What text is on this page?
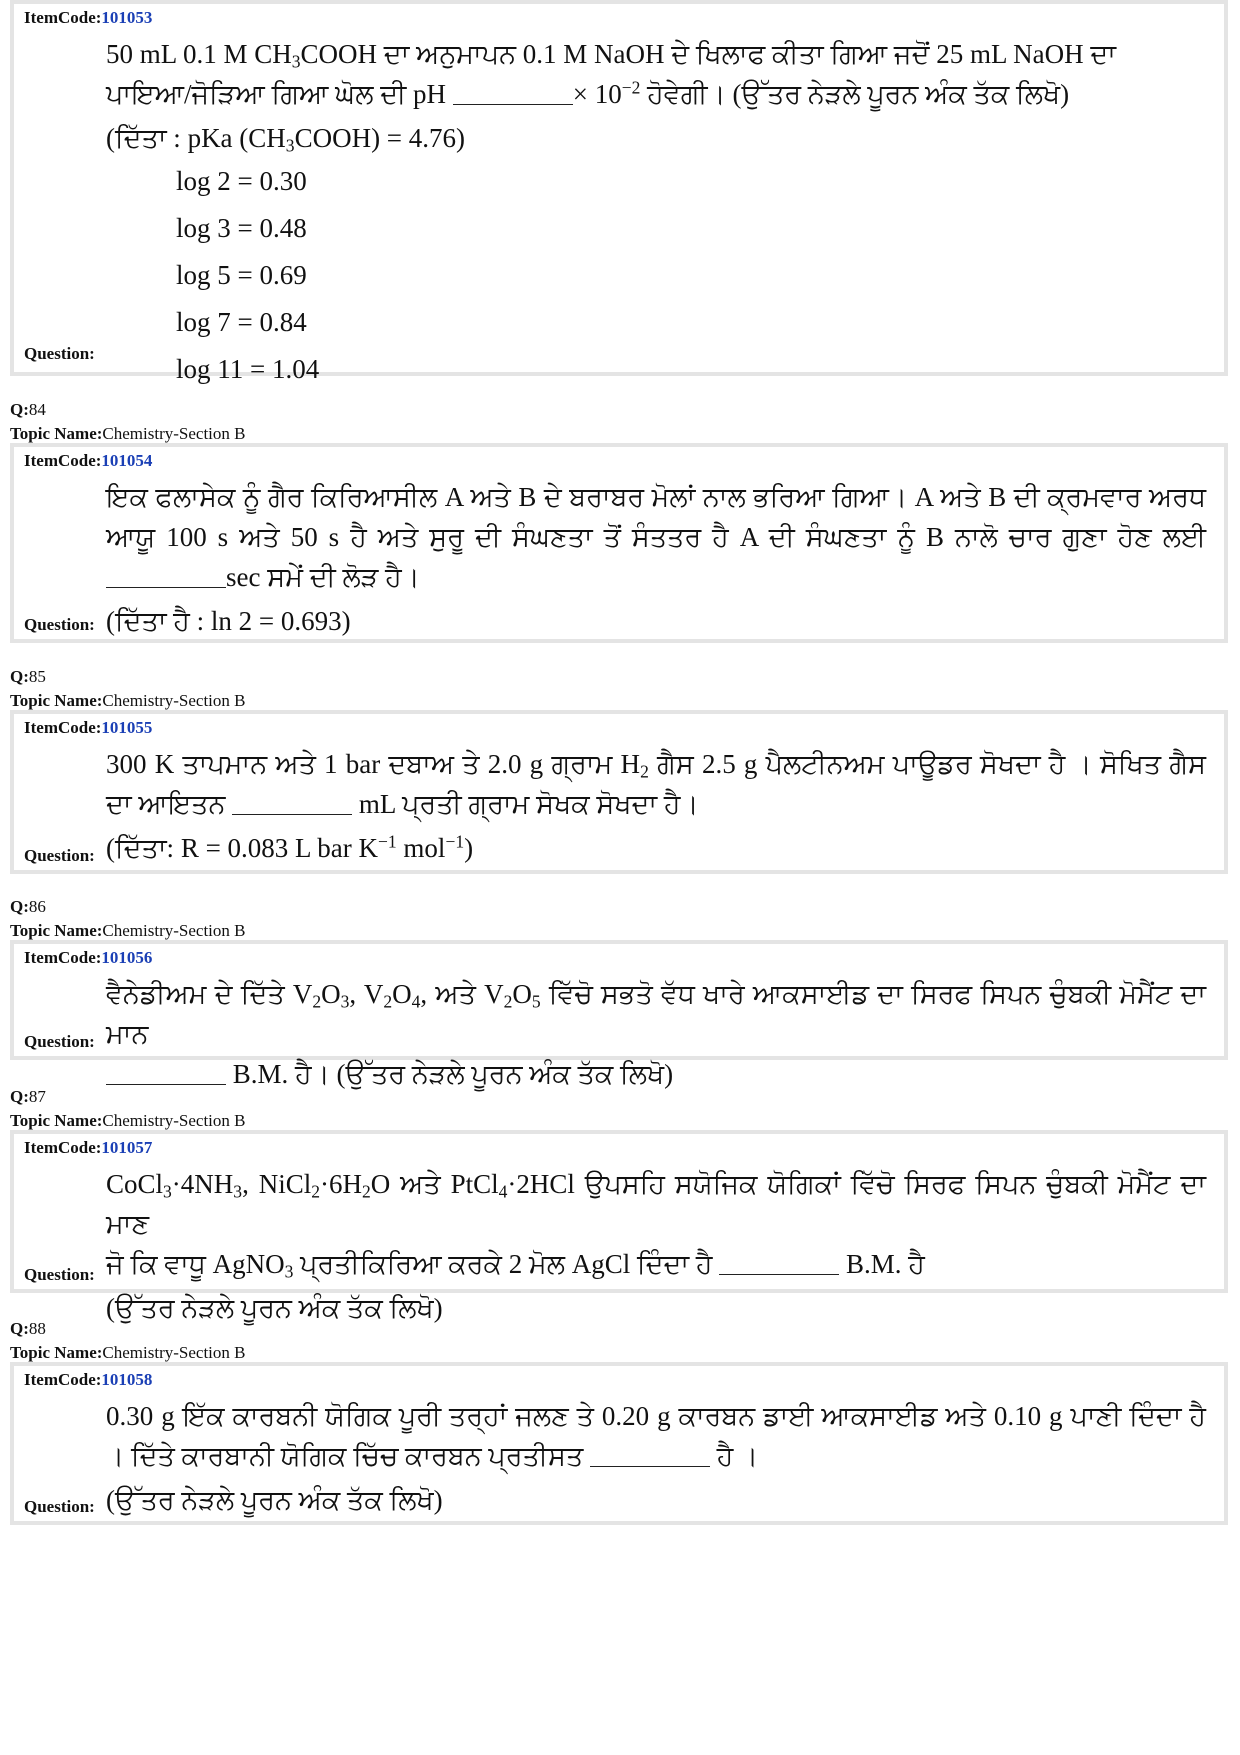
ItemCode:101053

50 mL 0.1 M $CH_3COOH$ ਦਾ ਅਨੁਮਾਪਨ 0.1 M NaOH ਦੇ ਖਿਲਾਫ ਕੀਤਾ ਗਿਆ ਜਦੋਂ 25 mL NaOH ਦਾ

ਪਾਇਆ/ਜੋੜਿਆ ਗਿਆ ਘੋਲ ਦੀ pH	× $10^{-2}$ ਹੋਵੇਗੀ। (ਉੱਤਰ ਨੇੜਲੇ ਪੂਰਨ ਅੰਕ ਤੱਕ ਲਿਖੋ)

(ਦਿੱਤਾ : pKa $(CH_3COOH) = 4.76$)

log 2 = 0.30
log 3 = 0.48
log 5 = 0.69
log 7 = 0.84
log 11 = 1.04
Question:
Q:84
Topic Name:Chemistry-Section B
ItemCode:101054

ਇਕ ਫਲਾਸੇਕ ਨੂੰ ਗੈਰ ਕਿਰਿਆਸੀਲ A ਅਤੇ B ਦੇ ਬਰਾਬਰ ਮੋਲਾਂ ਨਾਲ ਭਰਿਆ ਗਿਆ। A ਅਤੇ B ਦੀ ਕ੍ਰਮਵਾਰ ਅਰਧ ਆਯੂ 100 s ਅਤੇ 50 s ਹੈ ਅਤੇ ਸੁਰੂ ਦੀ ਸੰਘਣਤਾ ਤੋਂ ਸੰਤਤਰ ਹੈ A ਦੀ ਸੰਘਣਤਾ ਨੂੰ B ਨਾਲੋ ਚਾਰ ਗੁਣਾ ਹੋਣ ਲਈ sec ਸਮੇਂ ਦੀ ਲੋੜ ਹੈ।

(ਦਿੱਤਾ ਹੈ : ln 2 = 0.693)

Question:
Q:85
Topic Name:Chemistry-Section B
ItemCode:101055

300 K ਤਾਪਮਾਨ ਅਤੇ 1 bar ਦਬਾਅ ਤੇ 2.0 g ਗ੍ਰਾਮ $H_2$ ਗੈਸ 2.5 g ਪੈਲਟੀਨਅਮ ਪਾਊਡਰ ਸੋਖਦਾ ਹੈ । ਸੋਖਿਤ ਗੈਸ ਦਾ ਆਇਤਨ	mL ਪ੍ਰਤੀ ਗ੍ਰਾਮ ਸੋਖਕ ਸੋਖਦਾ ਹੈ।

(ਦਿੱਤਾ: R = 0.083 L bar $K^{-1}$ mol$^{-1}$)

Question:
Q:86
Topic Name:Chemistry-Section B
ItemCode:101056

ਵੈਨੇਡੀਅਮ ਦੇ ਦਿੱਤੇ $V_2O_3$, $V_2O_4$, ਅਤੇ $V_2O_5$ ਵਿੱਚੋ ਸਭਤੋ ਵੱਧ ਖਾਰੇ ਆਕਸਾਈਡ ਦਾ ਸਿਰਫ ਸਿਪਨ ਚੁੰਬਕੀ ਮੋਮੈਂਟ ਦਾ ਮਾਨ

B.M. ਹੈ। (ਉੱਤਰ ਨੇੜਲੇ ਪੂਰਨ ਅੰਕ ਤੱਕ ਲਿਖੋ)

Question:
Q:87
Topic Name:Chemistry-Section B
ItemCode:101057

$CoCl_3\cdot 4NH_3$, $NiCl_2\cdot 6H_2O$ ਅਤੇ PtCl$_4$·2HCl ਉਪਸਹਿ ਸਯੋਜਿਕ ਯੋਗਿਕਾਂ ਵਿੱਚੋ ਸਿਰਫ ਸਿਪਨ ਚੁੰਬਕੀ ਮੋਮੈਂਟ ਦਾ ਮਾਣ

ਜੋ ਕਿ ਵਾਧੂ AgNO$_3$ ਪ੍ਰਤੀਕਿਰਿਆ ਕਰਕੇ 2 ਮੋਲ AgCl ਦਿੰਦਾ ਹੈ	B.M. ਹੈ

(ਉੱਤਰ ਨੇੜਲੇ ਪੂਰਨ ਅੰਕ ਤੱਕ ਲਿਖੋ)

Question:
Q:88
Topic Name:Chemistry-Section B
ItemCode:101058

0.30 g ਇੱਕ ਕਾਰਬਨੀ ਯੋਗਿਕ ਪੂਰੀ ਤਰ੍ਹਾਂ ਜਲਣ ਤੇ 0.20 g ਕਾਰਬਨ ਡਾਈ ਆਕਸਾਈਡ ਅਤੇ 0.10 g ਪਾਣੀ ਦਿੰਦਾ ਹੈ । ਦਿੱਤੇ ਕਾਰਬਾਨੀ ਯੋਗਿਕ ਚਿੱਚ ਕਾਰਬਨ ਪ੍ਰਤੀਸਤ	ਹੈ ।

(ਉੱਤਰ ਨੇੜਲੇ ਪੂਰਨ ਅੰਕ ਤੱਕ ਲਿਖੋ)

Question:
